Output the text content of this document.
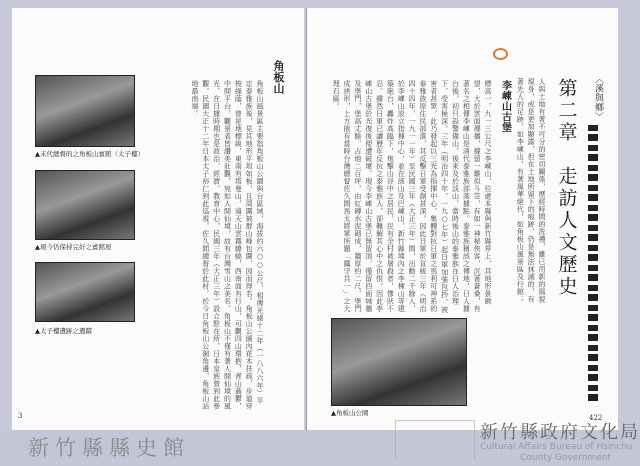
▲末代總督的之角板山賓館（太子樓）
▲現今仍保持完好之賓館屋
▲太子樓遺跡之遺蹟
角板山
角板山風景區主要指角板山公園與台區域，海拔約六○○公尺，相傳光緒十二年（一八八六年）平定泰雅族後，見其地形平坦如板，且周圍被群山峰包圍，因而得名。角板山公園內花木扶疏，步道穿梭綠蔭，曾是地標級，東南有塔曼山，遠天山雲霧繚繞，西南面有行山，可觀四山環抱，青山蓊鬱，中間平台，觀景者皆讚美壯觀，宛如人間仙境，故有台灣雪山之美名。角板山不僅有著人間仙境的風光，在日據時期也是政治、經濟、教育中心，民國三年（大正三年）設立駐在所，日本皇族曾到此參觀，民國大正十二年日本太子裕仁到此巡視，佐久間總督於此村，於今日角板山公園角邊，角板山站地最南端。
3
〈溪與鄉〉
第二章　走訪人文歷史
人與土地有著不可分的密切關係，歷經時間的洗禮，雖已用新的風貌現身，或是更加顯露，但在土地所留下的痕跡，仍是無法抹滅的，有著先人的足跡，如李崠山，有著風華絕代，如角板山風景區及行館；
李崠山古堡
標高一，九一三公尺之李崠山，位處本縣與新竹縣界上，其地形景緻望，大於雲面傳播，據留一雞似斗笠，有如一神秘俠客，沉著蒼桑，有著名之相傳李崠山是清代泰雅族部落據點。泰雅族稱該之傳地，日人據台後，初只設警備山，後來及於淡山，當時後山的泰雅族在日人治理下，受害極深。三年（明治四十年，一九○七年）起日軍加強包抄，被害者甚眾，此乃發起以三光為指揮中心，集體對抗日軍之馬利可神系的泰雅族原住民部落，其反擊日軍受創甚深。因此日軍於宣統三年（明治四十四年，一九一一年）至民國三年（大正三年）間，出動二千餘人，於李崠山設立指揮中心，並在該山及巴崠山、新竹縣境內之李棟山等建築砲台，轟炸高臨下，炮擊山谷中之居民，民有全村被屠殺者，慘狀不忍。雖然日軍已讓歷年反抗之泰雅族人，卻難解其心中之仇恨，因此李崠山古堡於光復後便遭破壞。現今李崠山古堡已無留頂，僅留四面城牆及堡門，堡高丈餘，占地二百坪，由紅磚水泥砌成，牆厚約二尺，堡門成拱形，上方嵌有當時台灣總督佐久間馬太將軍所題「攝守共一」之大理石匾。
▲角板山公園
422
新竹縣縣史館
新竹縣政府文化局
Cultural Affairs Bureau of Hsinchu
County Government
